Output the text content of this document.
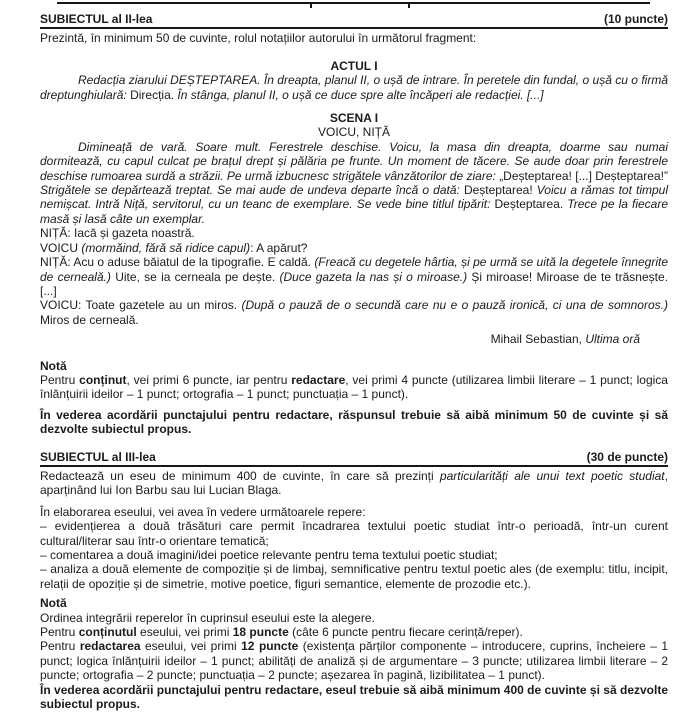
SUBIECTUL al II-lea	(10 puncte)

Prezintă, în minimum 50 de cuvinte, rolul notațiilor autorului în următorul fragment:

ACTUL I

Redacția ziarului DEȘTEPTAREA. În dreapta, planul II, o ușă de intrare. În peretele din fundal, o ușă cu o firmă dreptunghiulară: Direcția. În stânga, planul II, o ușă ce duce spre alte încăperi ale redacției. [...]

SCENA I

VOICU, NIȚĂ

Dimineață de vară. Soare mult. Ferestrele deschise. Voicu, la masa din dreapta, doarme sau numai dormitează, cu capul culcat pe brațul drept și pălăria pe frunte. Un moment de tăcere. Se aude doar prin ferestrele deschise rumoarea surdă a străzii. Pe urmă izbucnesc strigătele vânzătorilor de ziare: „Deșteptarea! [...] Deșteptarea!” Strigătele se depărtează treptat. Se mai aude de undeva departe încă o dată: Deșteptarea! Voicu a rămas tot timpul nemișcat. Intră Niță, servitorul, cu un teanc de exemplare. Se vede bine titlul tipărit: Deșteptarea. Trece pe la fiecare masă și lasă câte un exemplar.

NIȚĂ: Iacă și gazeta noastră.

VOICU (mormăind, fără să ridice capul): A apărut?

NIȚĂ: Acu o aduse băiatul de la tipografie. E caldă. (Freacă cu degetele hârtia, și pe urmă se uită la degetele înnegrite de cerneală.) Uite, se ia cerneala pe dește. (Duce gazeta la nas și o miroase.) Și miroase! Miroase de te trăsnește. [...]

VOICU: Toate gazetele au un miros. (După o pauză de o secundă care nu e o pauză ironică, ci una de somnoros.) Miros de cerneală.

Mihail Sebastian, Ultima oră

Notă

Pentru conținut, vei primi 6 puncte, iar pentru redactare, vei primi 4 puncte (utilizarea limbii literare – 1 punct; logica înlănțuirii ideilor – 1 punct; ortografia – 1 punct; punctuația – 1 punct).

În vederea acordării punctajului pentru redactare, răspunsul trebuie să aibă minimum 50 de cuvinte și să dezvolte subiectul propus.

SUBIECTUL al III-lea	(30 de puncte)

Redactează un eseu de minimum 400 de cuvinte, în care să prezinți particularități ale unui text poetic studiat, aparținând lui Ion Barbu sau lui Lucian Blaga.

În elaborarea eseului, vei avea în vedere următoarele repere:

– evidențierea a două trăsături care permit încadrarea textului poetic studiat într-o perioadă, într-un curent cultural/literar sau într-o orientare tematică;

– comentarea a două imagini/idei poetice relevante pentru tema textului poetic studiat;

– analiza a două elemente de compoziție și de limbaj, semnificative pentru textul poetic ales (de exemplu: titlu, incipit, relații de opoziție și de simetrie, motive poetice, figuri semantice, elemente de prozodie etc.).

Notă

Ordinea integrării reperelor în cuprinsul eseului este la alegere.

Pentru conținutul eseului, vei primi 18 puncte (câte 6 puncte pentru fiecare cerință/reper).

Pentru redactarea eseului, vei primi 12 puncte (existența părților componente – introducere, cuprins, încheiere – 1 punct; logica înlănțuirii ideilor – 1 punct; abilități de analiză și de argumentare – 3 puncte; utilizarea limbii literare – 2 puncte; ortografia – 2 puncte; punctuația – 2 puncte; așezarea în pagină, lizibilitatea – 1 punct).

În vederea acordării punctajului pentru redactare, eseul trebuie să aibă minimum 400 de cuvinte și să dezvolte subiectul propus.
